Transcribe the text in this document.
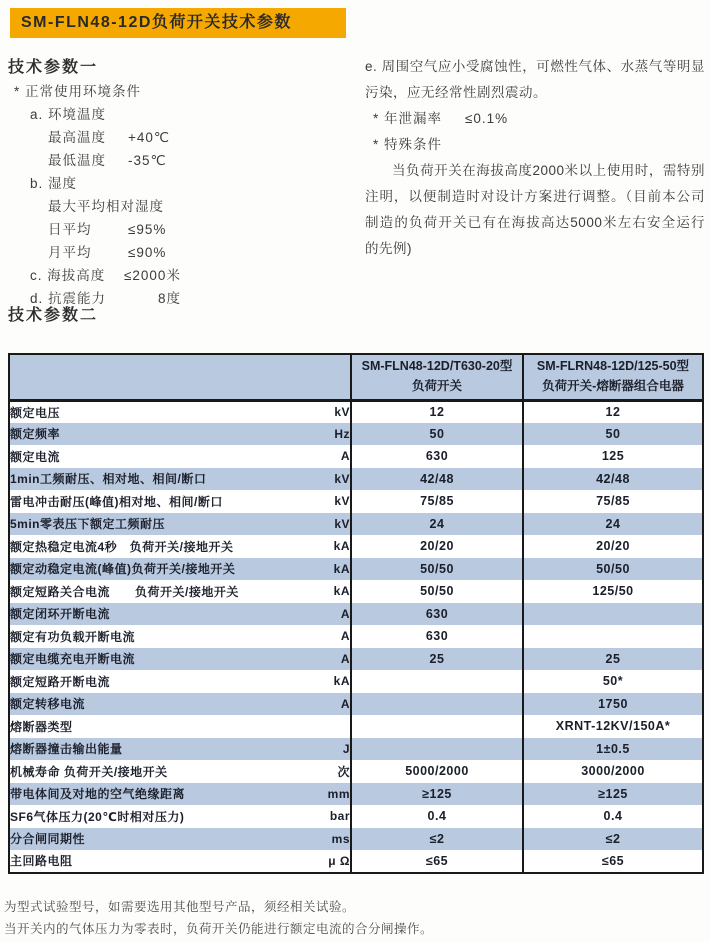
SM-FLN48-12D负荷开关技术参数
技术参数一
* 正常使用环境条件
a. 环境温度
最高温度	+40℃
最低温度	-35℃
b. 湿度
最大平均相对湿度
日平均	≤95%
月平均	≤90%
c. 海拔高度	≤2000米
d. 抗震能力	8度

e. 周围空气应小受腐蚀性，可燃性气体、水蒸气等明显污染，应无经常性剧烈震动。

* 年泄漏率	≤0.1%
* 特殊条件

当负荷开关在海拔高度2000米以上使用时，需特别注明，以便制造时对设计方案进行调整。（目前本公司制造的负荷开关已有在海拔高达5000米左右安全运行的先例)

技术参数二

SM-FLN48-12D/T630-20型
负荷开关

SM-FLRN48-12D/125-50型
负荷开关-熔断器组合电器

额定电压	kV	12	12
额定频率	Hz	50	50
额定电流	A	630	125
1min工频耐压、相对地、相间/断口	kV	42/48	42/48
雷电冲击耐压(峰值)相对地、相间/断口	kV	75/85	75/85
5min零表压下额定工频耐压	kV	24	24
额定热稳定电流4秒　负荷开关/接地开关	kA	20/20	20/20
额定动稳定电流(峰值)负荷开关/接地开关	kA	50/50	50/50
额定短路关合电流　　负荷开关/接地开关	kA	50/50	125/50
额定闭环开断电流	A	630	
额定有功负载开断电流	A	630	
额定电缆充电开断电流	A	25	25
额定短路开断电流	kA		50*
额定转移电流	A		1750
熔断器类型			XRNT-12KV/150A*
熔断器撞击输出能量	J		1±0.5
机械寿命 负荷开关/接地开关	次	5000/2000	3000/2000
带电体间及对地的空气绝缘距离	mm	≥125	≥125
SF6气体压力(20℃时相对压力)	bar	0.4	0.4
分合闸同期性	ms	≤2	≤2
主回路电阻	μ Ω	≤65	≤65
为型式试验型号，如需要选用其他型号产品，须经相关试验。
当开关内的气体压力为零表时，负荷开关仍能进行额定电流的合分闸操作。
